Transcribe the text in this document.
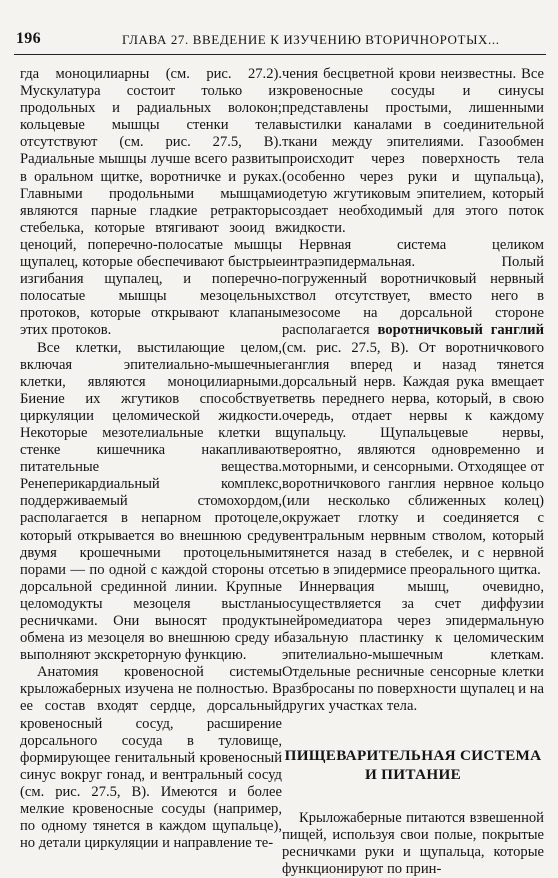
196	ГЛАВА 27. ВВЕДЕНИЕ К ИЗУЧЕНИЮ ВТОРИЧНОРОТЫХ...

гда моноцилиарны (см. рис. 27.2). Мускулатура состоит только из продольных и радиальных волокон; кольцевые мышцы стенки тела отсутствуют (см. рис. 27.5, В). Радиальные мышцы лучше всего развиты в оральном щитке, воротничке и руках. Главными продольными мышцами являются парные гладкие ретракторы стебелька, которые втягивают зооид в ценоций, поперечно-полосатые мышцы щупалец, которые обеспечивают быстрые изгибания щупалец, и поперечно-полосатые мышцы мезоцельных протоков, которые открывают клапаны этих протоков.

Все клетки, выстилающие целом, включая эпителиально-мышечные клетки, являются моноцилиарными. Биение их жгутиков способствует циркуляции целомической жидкости. Некоторые мезотелиальные клетки в стенке кишечника накапливают питательные вещества. Ренеперикардиальный комплекс, поддерживаемый стомохордом, располагается в непарном протоцеле, который открывается во внешнюю среду двумя крошечными протоцельными порами — по одной с каждой стороны от дорсальной срединной линии. Крупные целомодукты мезоцеля выстланы ресничками. Они выносят продукты обмена из мезоцеля во внешнюю среду и выполняют экскреторную функцию.

Анатомия кровеносной системы крыложаберных изучена не полностью. В ее состав входят сердце, дорсальный кровеносный сосуд, расширение дорсального сосуда в туловище, формирующее генитальный кровеносный синус вокруг гонад, и вентральный сосуд (см. рис. 27.5, В). Имеются и более мелкие кровеносные сосуды (например, по одному тянется в каждом щупальце), но детали циркуляции и направление те-

чения бесцветной крови неизвестны. Все кровеносные сосуды и синусы представлены простыми, лишенными выстилки каналами в соединительной ткани между эпителиями. Газообмен происходит через поверхность тела (особенно через руки и щупальца), одетую жгутиковым эпителием, который создает необходимый для этого поток жидкости.

Нервная система целиком интраэпидермальная. Полый погруженный воротничковый нервный ствол отсутствует, вместо него в мезосоме на дорсальной стороне располагается воротничковый ганглий (см. рис. 27.5, В). От воротничкового ганглия вперед и назад тянется дорсальный нерв. Каждая рука вмещает ветвь переднего нерва, который, в свою очередь, отдает нервы к каждому щупальцу. Щупальцевые нервы, вероятно, являются одновременно и моторными, и сенсорными. Отходящее от воротничкового ганглия нервное кольцо (или несколько сближенных колец) окружает глотку и соединяется с вентральным нервным стволом, который тянется назад в стебелек, и с нервной сетью в эпидермисе преорального щитка.

Иннервация мышц, очевидно, осуществляется за счет диффузии нейромедиатора через эпидермальную базальную пластинку к целомическим эпителиально-мышечным клеткам. Отдельные ресничные сенсорные клетки разбросаны по поверхности щупалец и на других участках тела.

ПИЩЕВАРИТЕЛЬНАЯ СИСТЕМА
И ПИТАНИЕ

Крыложаберные питаются взвешенной пищей, используя свои полые, покрытые ресничками руки и щупальца, которые функционируют по прин-
